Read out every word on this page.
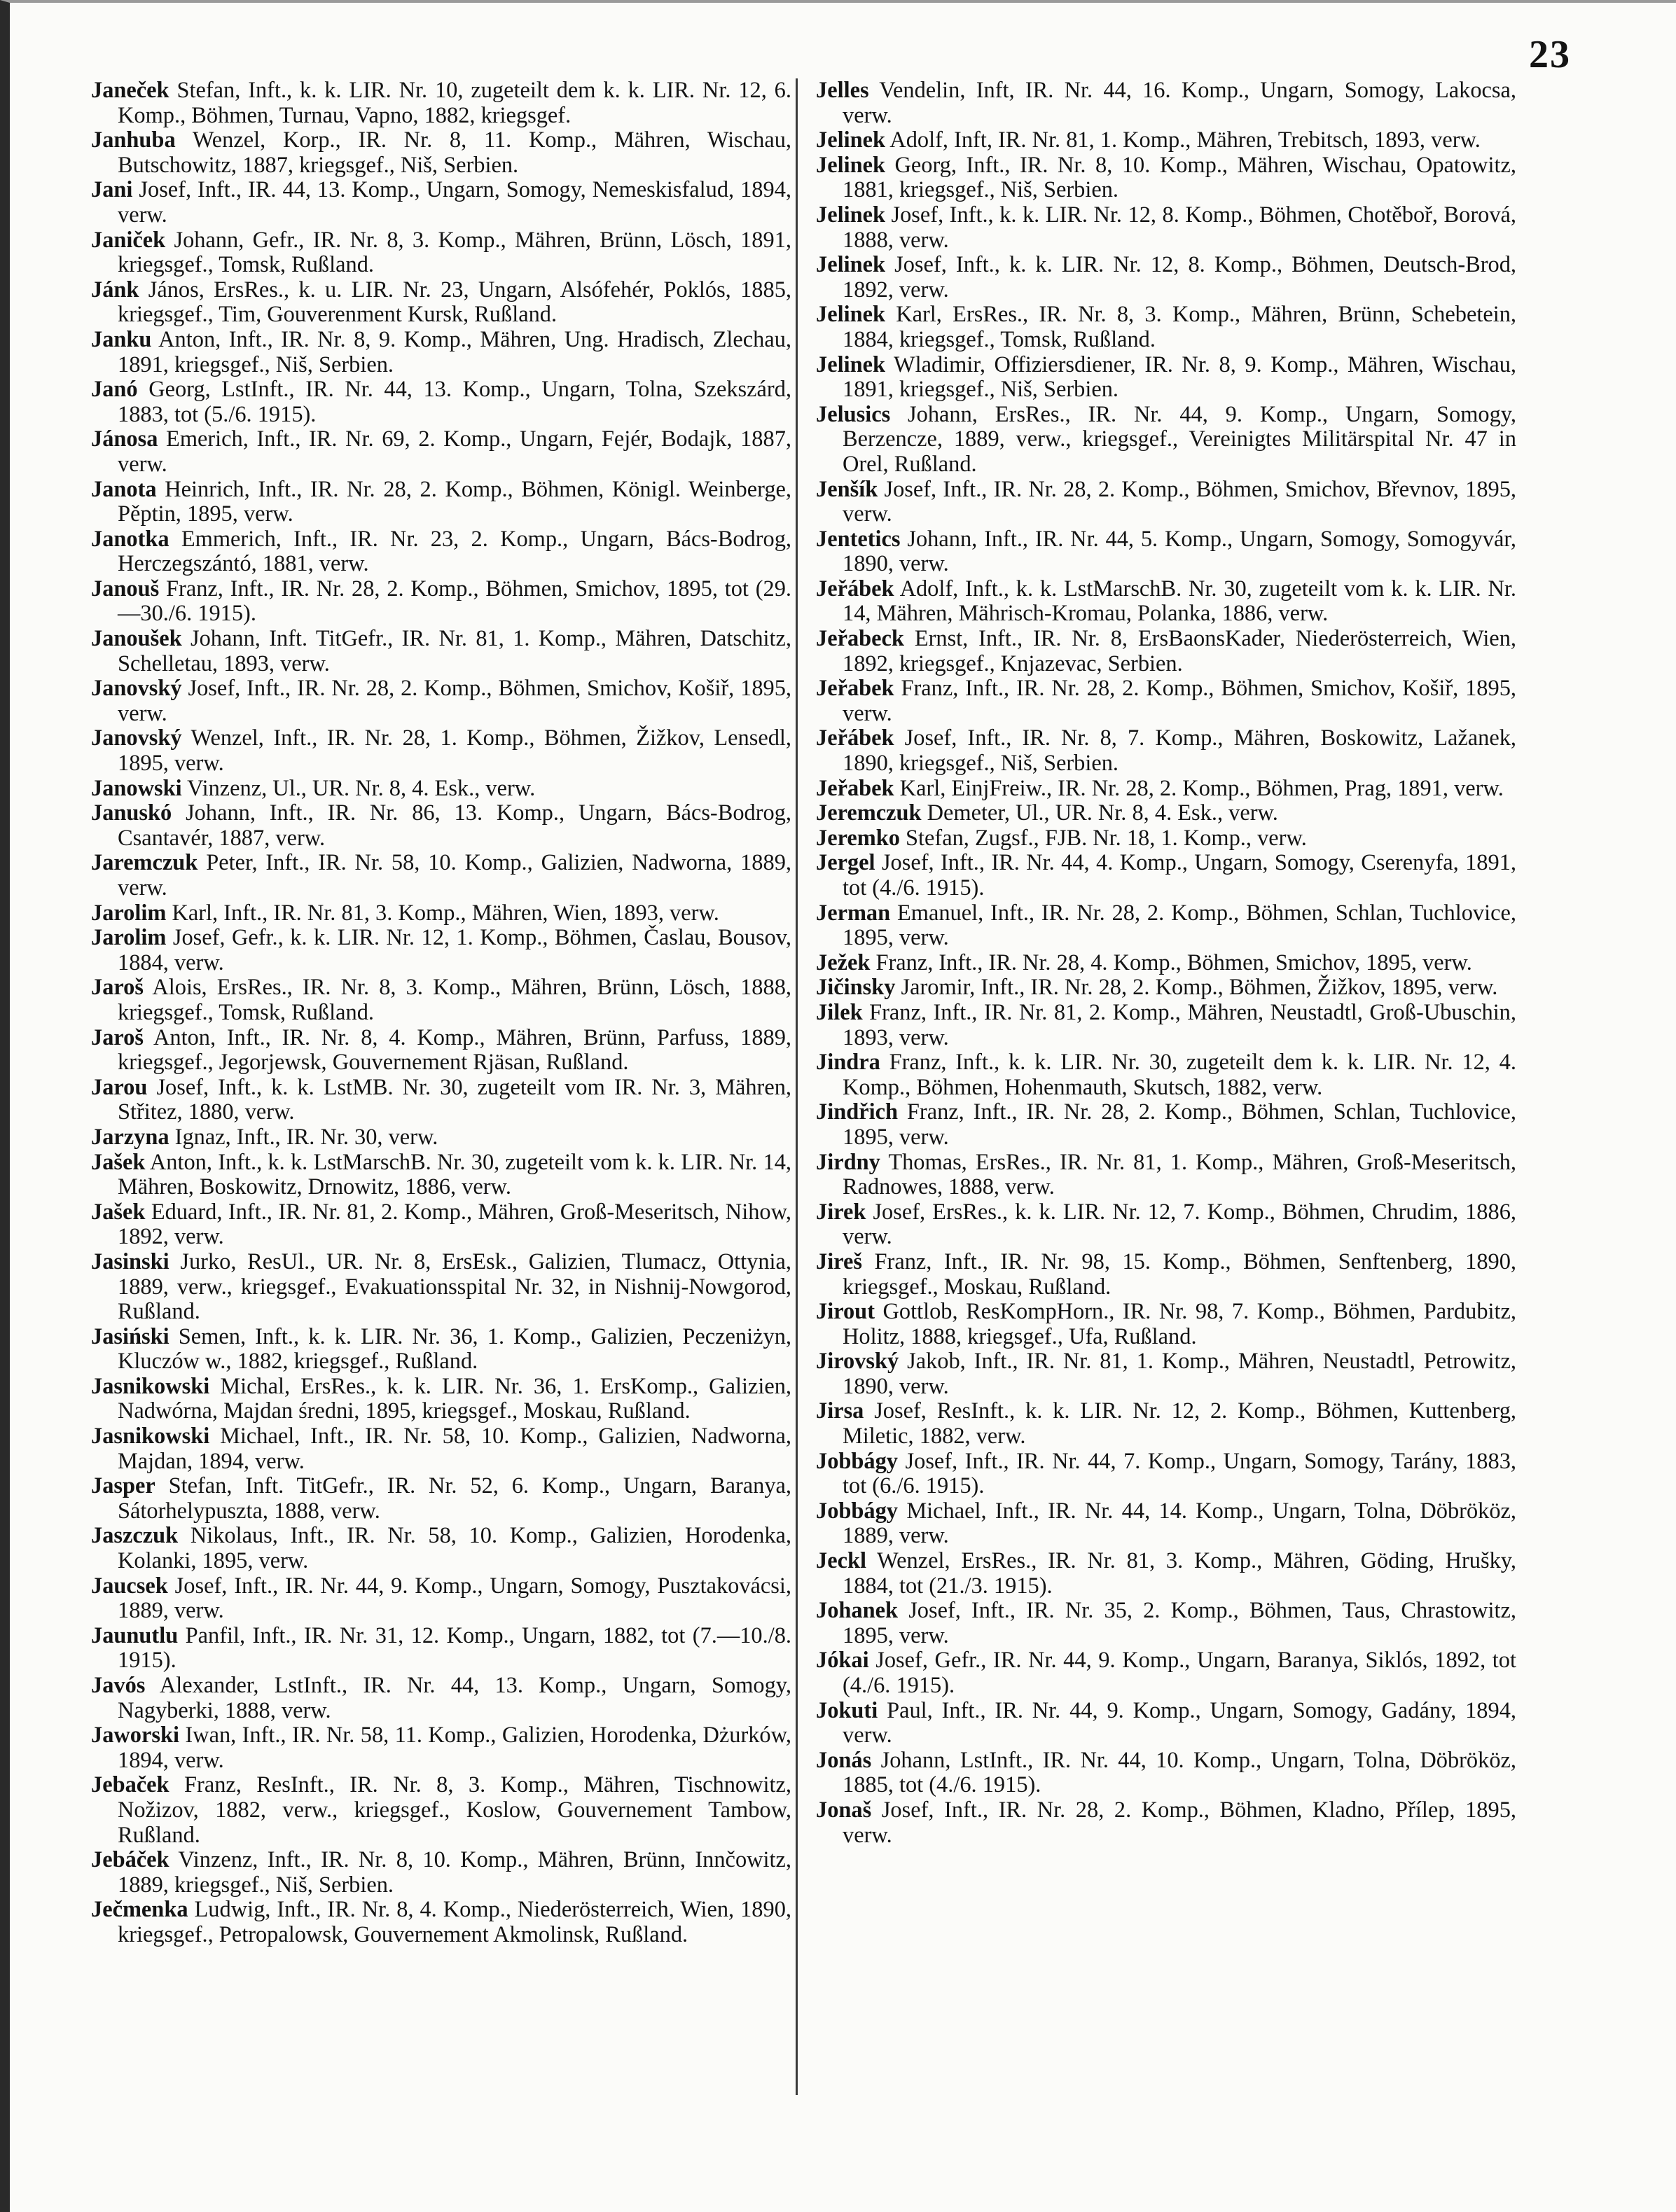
23

Janeček Stefan, Inft., k. k. LIR. Nr. 10, zugeteilt dem k. k. LIR. Nr. 12, 6. Komp., Böhmen, Turnau, Vapno, 1882, kriegsgef.

Janhuba Wenzel, Korp., IR. Nr. 8, 11. Komp., Mähren, Wischau, Butschowitz, 1887, kriegsgef., Niš, Serbien.

Jani Josef, Inft., IR. 44, 13. Komp., Ungarn, Somogy, Nemeskisfalud, 1894, verw.

Janiček Johann, Gefr., IR. Nr. 8, 3. Komp., Mähren, Brünn, Lösch, 1891, kriegsgef., Tomsk, Rußland.

Jánk János, ErsRes., k. u. LIR. Nr. 23, Ungarn, Alsófehér, Poklós, 1885, kriegsgef., Tim, Gouverenment Kursk, Rußland.

Janku Anton, Inft., IR. Nr. 8, 9. Komp., Mähren, Ung. Hradisch, Zlechau, 1891, kriegsgef., Niš, Serbien.

Janó Georg, LstInft., IR. Nr. 44, 13. Komp., Ungarn, Tolna, Szekszárd, 1883, tot (5./6. 1915).

Jánosa Emerich, Inft., IR. Nr. 69, 2. Komp., Ungarn, Fejér, Bodajk, 1887, verw.

Janota Heinrich, Inft., IR. Nr. 28, 2. Komp., Böhmen, Königl. Weinberge, Pěptin, 1895, verw.

Janotka Emmerich, Inft., IR. Nr. 23, 2. Komp., Ungarn, Bács-Bodrog, Herczegszántó, 1881, verw.

Janouš Franz, Inft., IR. Nr. 28, 2. Komp., Böhmen, Smichov, 1895, tot (29.—30./6. 1915).

Janoušek Johann, Inft. TitGefr., IR. Nr. 81, 1. Komp., Mähren, Datschitz, Schelletau, 1893, verw.

Janovský Josef, Inft., IR. Nr. 28, 2. Komp., Böhmen, Smichov, Košiř, 1895, verw.

Janovský Wenzel, Inft., IR. Nr. 28, 1. Komp., Böhmen, Žižkov, Lensedl, 1895, verw.

Janowski Vinzenz, Ul., UR. Nr. 8, 4. Esk., verw.

Januskó Johann, Inft., IR. Nr. 86, 13. Komp., Ungarn, Bács-Bodrog, Csantavér, 1887, verw.

Jaremczuk Peter, Inft., IR. Nr. 58, 10. Komp., Galizien, Nadworna, 1889, verw.

Jarolim Karl, Inft., IR. Nr. 81, 3. Komp., Mähren, Wien, 1893, verw.

Jarolim Josef, Gefr., k. k. LIR. Nr. 12, 1. Komp., Böhmen, Časlau, Bousov, 1884, verw.

Jaroš Alois, ErsRes., IR. Nr. 8, 3. Komp., Mähren, Brünn, Lösch, 1888, kriegsgef., Tomsk, Rußland.

Jaroš Anton, Inft., IR. Nr. 8, 4. Komp., Mähren, Brünn, Parfuss, 1889, kriegsgef., Jegorjewsk, Gouvernement Rjäsan, Rußland.

Jarou Josef, Inft., k. k. LstMB. Nr. 30, zugeteilt vom IR. Nr. 3, Mähren, Střitez, 1880, verw.

Jarzyna Ignaz, Inft., IR. Nr. 30, verw.

Jašek Anton, Inft., k. k. LstMarschB. Nr. 30, zugeteilt vom k. k. LIR. Nr. 14, Mähren, Boskowitz, Drnowitz, 1886, verw.

Jašek Eduard, Inft., IR. Nr. 81, 2. Komp., Mähren, Groß-Meseritsch, Nihow, 1892, verw.

Jasinski Jurko, ResUl., UR. Nr. 8, ErsEsk., Galizien, Tlumacz, Ottynia, 1889, verw., kriegsgef., Evakuationsspital Nr. 32, in Nishnij-Nowgorod, Rußland.

Jasiński Semen, Inft., k. k. LIR. Nr. 36, 1. Komp., Galizien, Peczeniżyn, Kluczów w., 1882, kriegsgef., Rußland.

Jasnikowski Michal, ErsRes., k. k. LIR. Nr. 36, 1. ErsKomp., Galizien, Nadwórna, Majdan średni, 1895, kriegsgef., Moskau, Rußland.

Jasnikowski Michael, Inft., IR. Nr. 58, 10. Komp., Galizien, Nadworna, Majdan, 1894, verw.

Jasper Stefan, Inft. TitGefr., IR. Nr. 52, 6. Komp., Ungarn, Baranya, Sátorhelypuszta, 1888, verw.

Jaszczuk Nikolaus, Inft., IR. Nr. 58, 10. Komp., Galizien, Horodenka, Kolanki, 1895, verw.

Jaucsek Josef, Inft., IR. Nr. 44, 9. Komp., Ungarn, Somogy, Pusztakovácsi, 1889, verw.

Jaunutlu Panfil, Inft., IR. Nr. 31, 12. Komp., Ungarn, 1882, tot (7.—10./8. 1915).

Javós Alexander, LstInft., IR. Nr. 44, 13. Komp., Ungarn, Somogy, Nagyberki, 1888, verw.

Jaworski Iwan, Inft., IR. Nr. 58, 11. Komp., Galizien, Horodenka, Dżurków, 1894, verw.

Jebaček Franz, ResInft., IR. Nr. 8, 3. Komp., Mähren, Tischnowitz, Nožizov, 1882, verw., kriegsgef., Koslow, Gouvernement Tambow, Rußland.

Jebáček Vinzenz, Inft., IR. Nr. 8, 10. Komp., Mähren, Brünn, Innčowitz, 1889, kriegsgef., Niš, Serbien.

Ječmenka Ludwig, Inft., IR. Nr. 8, 4. Komp., Niederösterreich, Wien, 1890, kriegsgef., Petropalowsk, Gouvernement Akmolinsk, Rußland.

Jelles Vendelin, Inft, IR. Nr. 44, 16. Komp., Ungarn, Somogy, Lakocsa, verw.

Jelinek Adolf, Inft, IR. Nr. 81, 1. Komp., Mähren, Trebitsch, 1893, verw.

Jelinek Georg, Inft., IR. Nr. 8, 10. Komp., Mähren, Wischau, Opatowitz, 1881, kriegsgef., Niš, Serbien.

Jelinek Josef, Inft., k. k. LIR. Nr. 12, 8. Komp., Böhmen, Chotěboř, Borová, 1888, verw.

Jelinek Josef, Inft., k. k. LIR. Nr. 12, 8. Komp., Böhmen, Deutsch-Brod, 1892, verw.

Jelinek Karl, ErsRes., IR. Nr. 8, 3. Komp., Mähren, Brünn, Schebetein, 1884, kriegsgef., Tomsk, Rußland.

Jelinek Wladimir, Offiziersdiener, IR. Nr. 8, 9. Komp., Mähren, Wischau, 1891, kriegsgef., Niš, Serbien.

Jelusics Johann, ErsRes., IR. Nr. 44, 9. Komp., Ungarn, Somogy, Berzencze, 1889, verw., kriegsgef., Vereinigtes Militärspital Nr. 47 in Orel, Rußland.

Jenšík Josef, Inft., IR. Nr. 28, 2. Komp., Böhmen, Smichov, Břevnov, 1895, verw.

Jentetics Johann, Inft., IR. Nr. 44, 5. Komp., Ungarn, Somogy, Somogyvár, 1890, verw.

Jeřábek Adolf, Inft., k. k. LstMarschB. Nr. 30, zugeteilt vom k. k. LIR. Nr. 14, Mähren, Mährisch-Kromau, Polanka, 1886, verw.

Jeřabeck Ernst, Inft., IR. Nr. 8, ErsBaonsKader, Niederösterreich, Wien, 1892, kriegsgef., Knjazevac, Serbien.

Jeřabek Franz, Inft., IR. Nr. 28, 2. Komp., Böhmen, Smichov, Košiř, 1895, verw.

Jeřábek Josef, Inft., IR. Nr. 8, 7. Komp., Mähren, Boskowitz, Lažanek, 1890, kriegsgef., Niš, Serbien.

Jeřabek Karl, EinjFreiw., IR. Nr. 28, 2. Komp., Böhmen, Prag, 1891, verw.

Jeremczuk Demeter, Ul., UR. Nr. 8, 4. Esk., verw.

Jeremko Stefan, Zugsf., FJB. Nr. 18, 1. Komp., verw.

Jergel Josef, Inft., IR. Nr. 44, 4. Komp., Ungarn, Somogy, Cserenyfa, 1891, tot (4./6. 1915).

Jerman Emanuel, Inft., IR. Nr. 28, 2. Komp., Böhmen, Schlan, Tuchlovice, 1895, verw.

Ježek Franz, Inft., IR. Nr. 28, 4. Komp., Böhmen, Smichov, 1895, verw.

Jičinsky Jaromir, Inft., IR. Nr. 28, 2. Komp., Böhmen, Žižkov, 1895, verw.

Jilek Franz, Inft., IR. Nr. 81, 2. Komp., Mähren, Neustadtl, Groß-Ubuschin, 1893, verw.

Jindra Franz, Inft., k. k. LIR. Nr. 30, zugeteilt dem k. k. LIR. Nr. 12, 4. Komp., Böhmen, Hohenmauth, Skutsch, 1882, verw.

Jindřich Franz, Inft., IR. Nr. 28, 2. Komp., Böhmen, Schlan, Tuchlovice, 1895, verw.

Jirdny Thomas, ErsRes., IR. Nr. 81, 1. Komp., Mähren, Groß-Meseritsch, Radnowes, 1888, verw.

Jirek Josef, ErsRes., k. k. LIR. Nr. 12, 7. Komp., Böhmen, Chrudim, 1886, verw.

Jireš Franz, Inft., IR. Nr. 98, 15. Komp., Böhmen, Senftenberg, 1890, kriegsgef., Moskau, Rußland.

Jirout Gottlob, ResKompHorn., IR. Nr. 98, 7. Komp., Böhmen, Pardubitz, Holitz, 1888, kriegsgef., Ufa, Rußland.

Jirovský Jakob, Inft., IR. Nr. 81, 1. Komp., Mähren, Neustadtl, Petrowitz, 1890, verw.

Jirsa Josef, ResInft., k. k. LIR. Nr. 12, 2. Komp., Böhmen, Kuttenberg, Miletic, 1882, verw.

Jobbágy Josef, Inft., IR. Nr. 44, 7. Komp., Ungarn, Somogy, Tarány, 1883, tot (6./6. 1915).

Jobbágy Michael, Inft., IR. Nr. 44, 14. Komp., Ungarn, Tolna, Döbrököz, 1889, verw.

Jeckl Wenzel, ErsRes., IR. Nr. 81, 3. Komp., Mähren, Göding, Hrušky, 1884, tot (21./3. 1915).

Johanek Josef, Inft., IR. Nr. 35, 2. Komp., Böhmen, Taus, Chrastowitz, 1895, verw.

Jókai Josef, Gefr., IR. Nr. 44, 9. Komp., Ungarn, Baranya, Siklós, 1892, tot (4./6. 1915).

Jokuti Paul, Inft., IR. Nr. 44, 9. Komp., Ungarn, Somogy, Gadány, 1894, verw.

Jonás Johann, LstInft., IR. Nr. 44, 10. Komp., Ungarn, Tolna, Döbrököz, 1885, tot (4./6. 1915).

Jonaš Josef, Inft., IR. Nr. 28, 2. Komp., Böhmen, Kladno, Přílep, 1895, verw.
